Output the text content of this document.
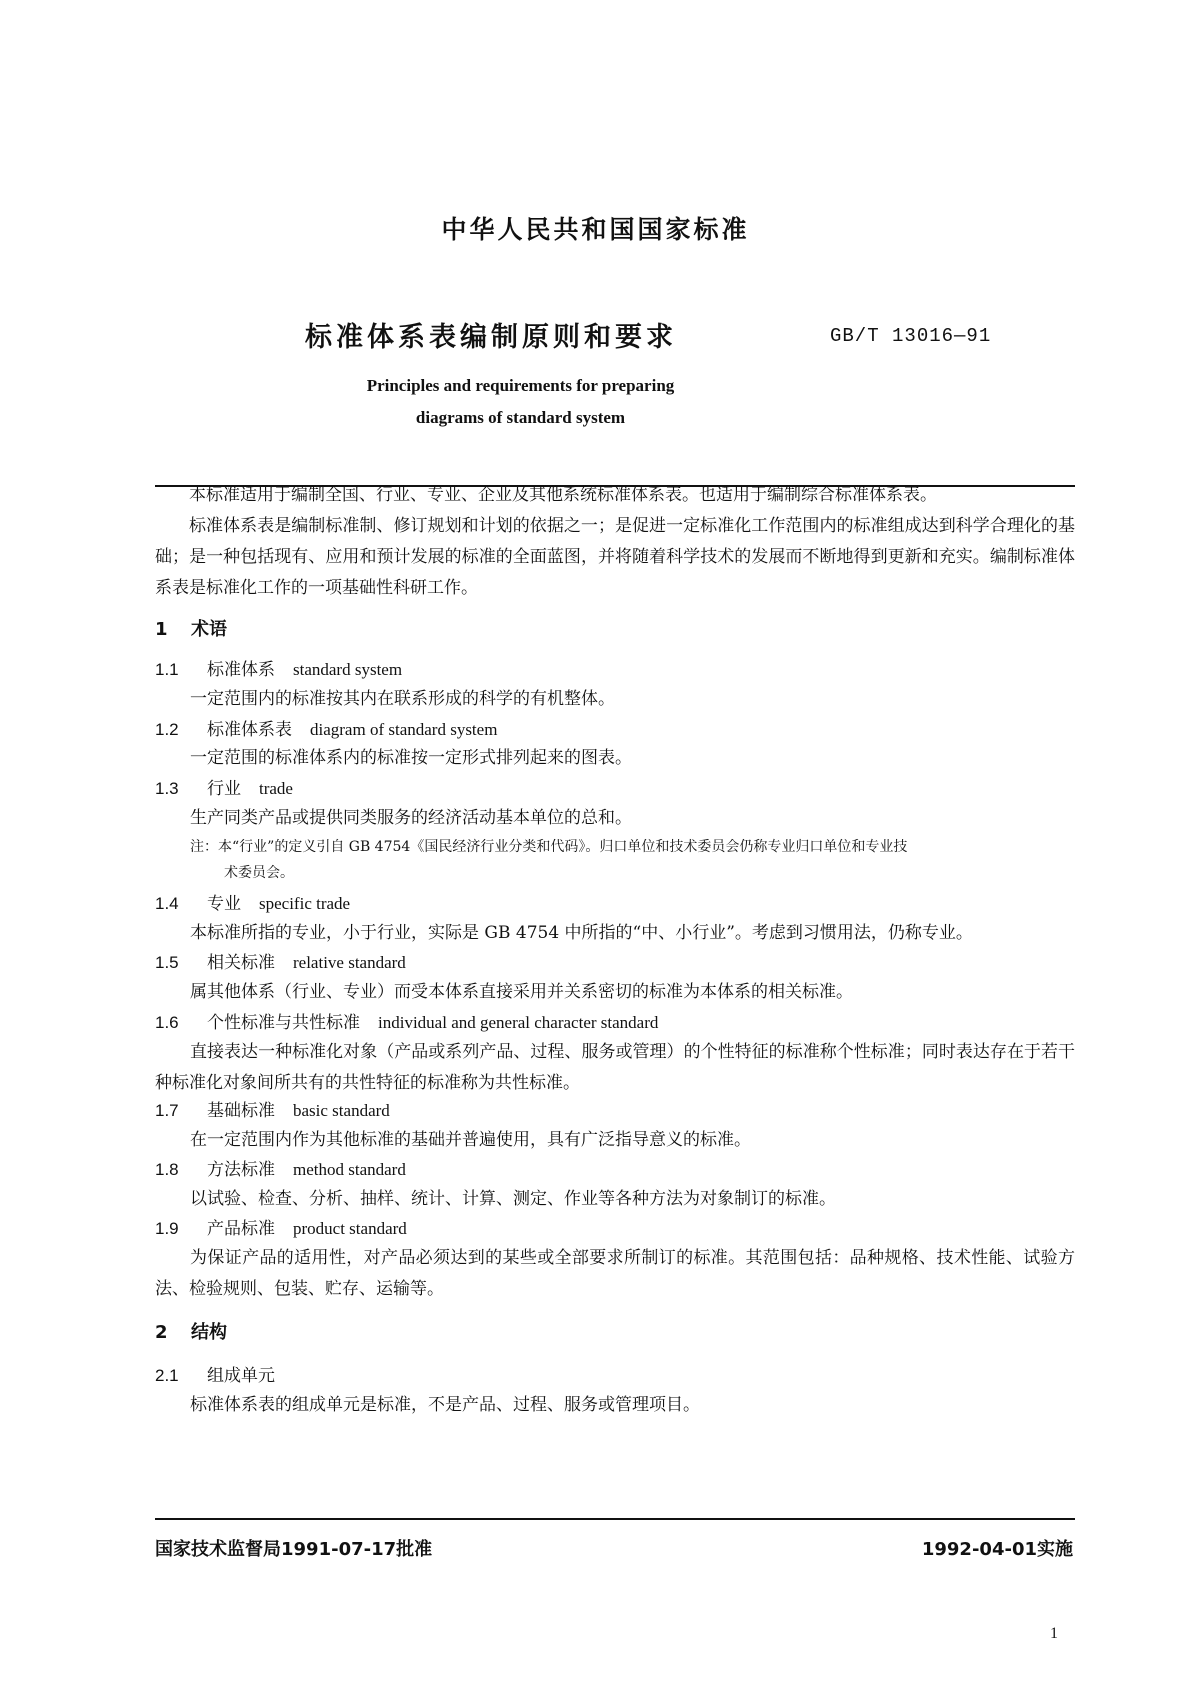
中华人民共和国国家标准
标准体系表编制原则和要求	GB/T 13016—91
Principles and requirements for preparing
diagrams of standard system

本标准适用于编制全国、行业、专业、企业及其他系统标准体系表。也适用于编制综合标准体系表。

标准体系表是编制标准制、修订规划和计划的依据之一；是促进一定标准化工作范围内的标准组成达到科学合理化的基础；是一种包括现有、应用和预计发展的标准的全面蓝图，并将随着科学技术的发展而不断地得到更新和充实。编制标准体系表是标准化工作的一项基础性科研工作。

1 术语
1.1 标准体系 standard system
一定范围内的标准按其内在联系形成的科学的有机整体。
1.2 标准体系表 diagram of standard system
一定范围的标准体系内的标准按一定形式排列起来的图表。
1.3 行业 trade
生产同类产品或提供同类服务的经济活动基本单位的总和。
注：本“行业”的定义引自 GB 4754《国民经济行业分类和代码》。归口单位和技术委员会仍称专业归口单位和专业技
术委员会。
1.4 专业 specific trade
本标准所指的专业，小于行业，实际是 GB 4754 中所指的“中、小行业”。考虑到习惯用法，仍称专业。
1.5 相关标准 relative standard
属其他体系（行业、专业）而受本体系直接采用并关系密切的标准为本体系的相关标准。
1.6 个性标准与共性标准 individual and general character standard
直接表达一种标准化对象（产品或系列产品、过程、服务或管理）的个性特征的标准称个性标准；同时表达存在于若干种标准化对象间所共有的共性特征的标准称为共性标准。
1.7 基础标准 basic standard
在一定范围内作为其他标准的基础并普遍使用，具有广泛指导意义的标准。
1.8 方法标准 method standard
以试验、检查、分析、抽样、统计、计算、测定、作业等各种方法为对象制订的标准。
1.9 产品标准 product standard
为保证产品的适用性，对产品必须达到的某些或全部要求所制订的标准。其范围包括：品种规格、技术性能、试验方法、检验规则、包装、贮存、运输等。
2 结构
2.1 组成单元
标准体系表的组成单元是标准，不是产品、过程、服务或管理项目。
国家技术监督局1991-07-17批准	1992-04-01实施
1
